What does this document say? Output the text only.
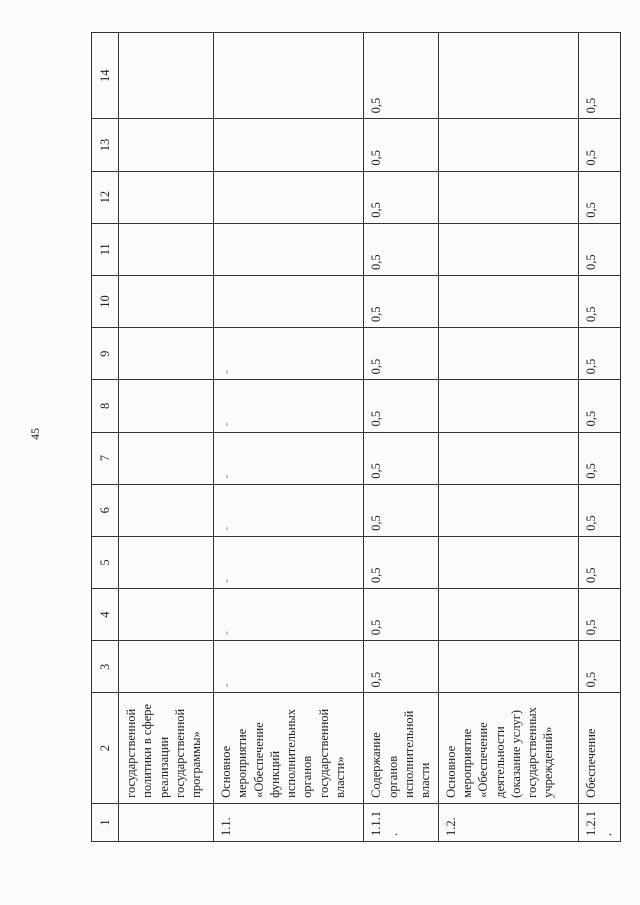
45
1	2	3	4	5	6	7	8	9	10	11	12	13	14
	государственной политики в сфере реализации государственной программы»												
1.1.	Основное мероприятие «Обеспечение функций исполнительных органов государственной власти»	-	-	-	-	-	-	-					
1.1.1.	Содержание органов исполнительной власти	0,5	0,5	0,5	0,5	0,5	0,5	0,5	0,5	0,5	0,5	0,5	0,5
1.2.	Основное мероприятие «Обеспечение деятельности (оказание услуг) государственных учреждений»												
1.2.1.	Обеспечение	0,5	0,5	0,5	0,5	0,5	0,5	0,5	0,5	0,5	0,5	0,5	0,5
